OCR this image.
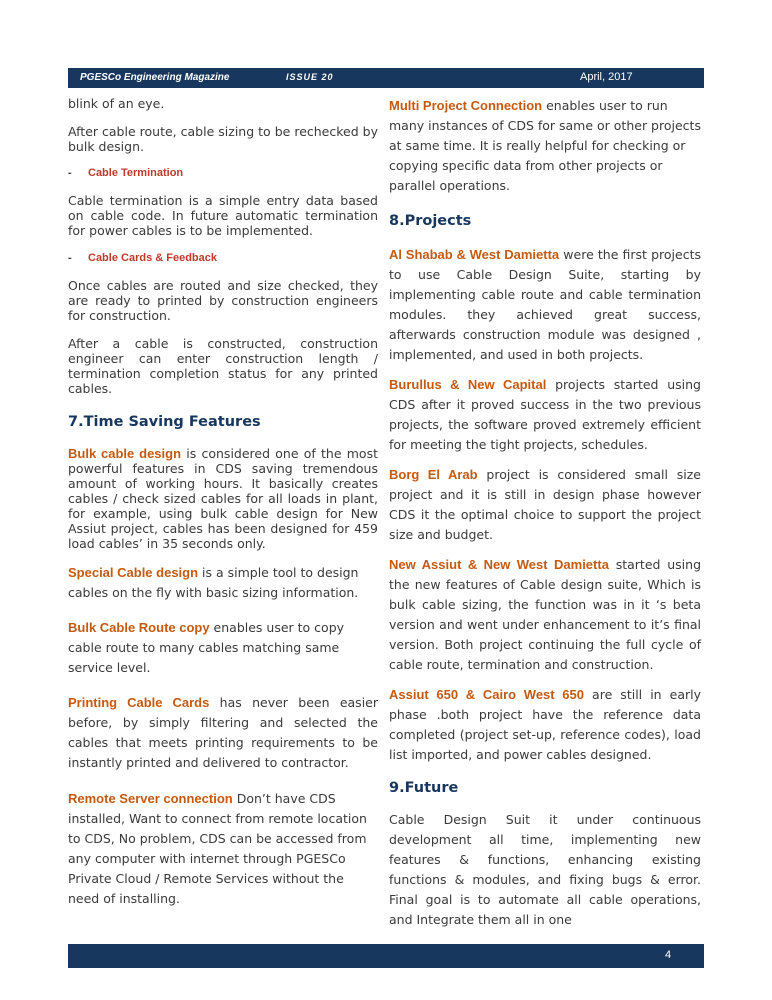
PGESCo Engineering Magazine	ISSUE 20	April, 2017

blink of an eye.

After cable route, cable sizing to be rechecked by bulk design.

- Cable Termination

Cable termination is a simple entry data based on cable code. In future automatic termination for power cables is to be implemented.

- Cable Cards & Feedback

Once cables are routed and size checked, they are ready to printed by construction engineers for construction.

After a cable is constructed, construction engineer can enter construction length / termination completion status for any printed cables.

7.Time Saving Features

Bulk cable design is considered one of the most powerful features in CDS saving tremendous amount of working hours. It basically creates cables / check sized cables for all loads in plant, for example, using bulk cable design for New Assiut project, cables has been designed for 459 load cables’ in 35 seconds only.

Special Cable design is a simple tool to design cables on the fly with basic sizing information.

Bulk Cable Route copy enables user to copy cable route to many cables matching same service level.

Printing Cable Cards has never been easier before, by simply filtering and selected the cables that meets printing requirements to be instantly printed and delivered to contractor.

Remote Server connection Don’t have CDS installed, Want to connect from remote location to CDS, No problem, CDS can be accessed from any computer with internet through PGESCo Private Cloud / Remote Services without the need of installing.

Multi Project Connection enables user to run many instances of CDS for same or other projects at same time. It is really helpful for checking or copying specific data from other projects or parallel operations.

8.Projects

Al Shabab & West Damietta were the first projects to use Cable Design Suite, starting by implementing cable route and cable termination modules. they achieved great success, afterwards construction module was designed , implemented, and used in both projects.

Burullus & New Capital projects started using CDS after it proved success in the two previous projects, the software proved extremely efficient for meeting the tight projects, schedules.

Borg El Arab project is considered small size project and it is still in design phase however CDS it the optimal choice to support the project size and budget.

New Assiut & New West Damietta started using the new features of Cable design suite, Which is bulk cable sizing, the function was in it ‘s beta version and went under enhancement to it’s final version. Both project continuing the full cycle of cable route, termination and construction.

Assiut 650 & Cairo West 650 are still in early phase .both project have the reference data completed (project set-up, reference codes), load list imported, and power cables designed.

9.Future

Cable Design Suit it under continuous development all time, implementing new features & functions, enhancing existing functions & modules, and fixing bugs & error. Final goal is to automate all cable operations, and Integrate them all in one

4
